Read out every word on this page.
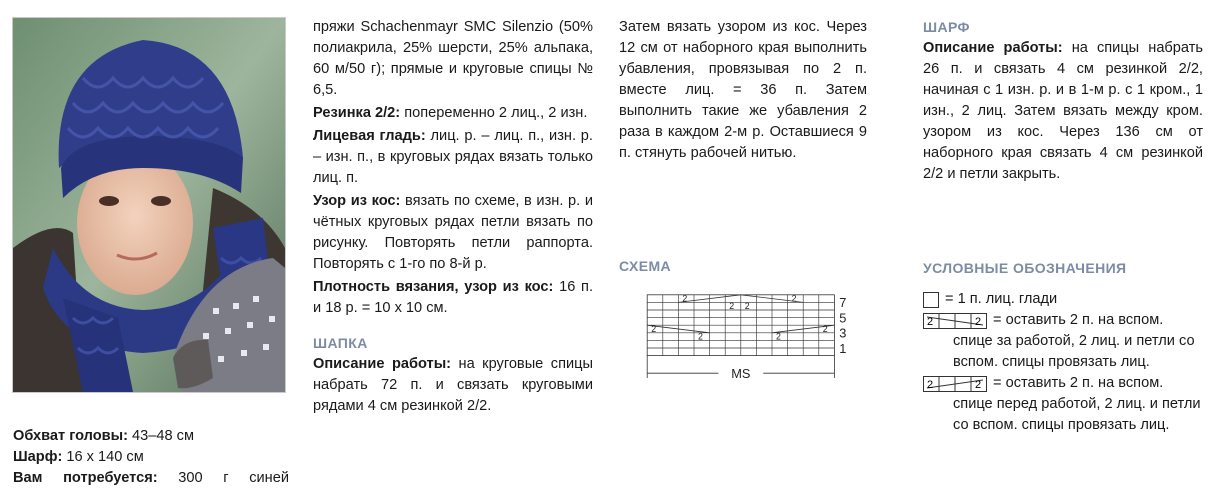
Обхват головы: 43–48 см

Шарф: 16 х 140 см

Вам потребуется: 300 г синей

пряжи Schachenmayr SMC Silenzio (50% полиакрила, 25% шерсти, 25% альпака, 60 м/50 г); прямые и круговые спицы № 6,5.

Резинка 2/2: попеременно 2 лиц., 2 изн.

Лицевая гладь: лиц. р. – лиц. п., изн. р. – изн. п., в круговых рядах вязать только лиц. п.

Узор из кос: вязать по схеме, в изн. р. и чётных круговых рядах петли вязать по рисунку. Повторять петли раппорта. Повторять с 1-го по 8-й р.

Плотность вязания, узор из кос: 16 п. и 18 р. = 10 х 10 см.

ШАПКА

Описание работы: на круговые спицы набрать 72 п. и связать круговыми рядами 4 см резинкой 2/2.

Затем вязать узором из кос. Через 12 см от наборного края выполнить убавления, провязывая по 2 п. вместе лиц. = 36 п. Затем выполнить такие же убавления 2 раза в каждом 2-м р. Оставшиеся 9 п. стянуть рабочей нитью.

СХЕМА
2
2 2
2
2
2	2
2
7
5
3
1
MS

ШАРФ

Описание работы: на спицы набрать 26 п. и связать 4 см резинкой 2/2, начиная с 1 изн. р. и в 1-м р. с 1 кром., 1 изн., 2 лиц. Затем вязать между кром. узором из кос. Через 136 см от наборного края связать 4 см резинкой 2/2 и петли закрыть.

УСЛОВНЫЕ ОБОЗНАЧЕНИЯ

= 1 п. лиц. глади
2	2 = оставить 2 п. на вспом.

спице за работой, 2 лиц. и петли со вспом. спицы провязать лиц.

2	2 = оставить 2 п. на вспом.

спице перед работой, 2 лиц. и петли со вспом. спицы провязать лиц.
